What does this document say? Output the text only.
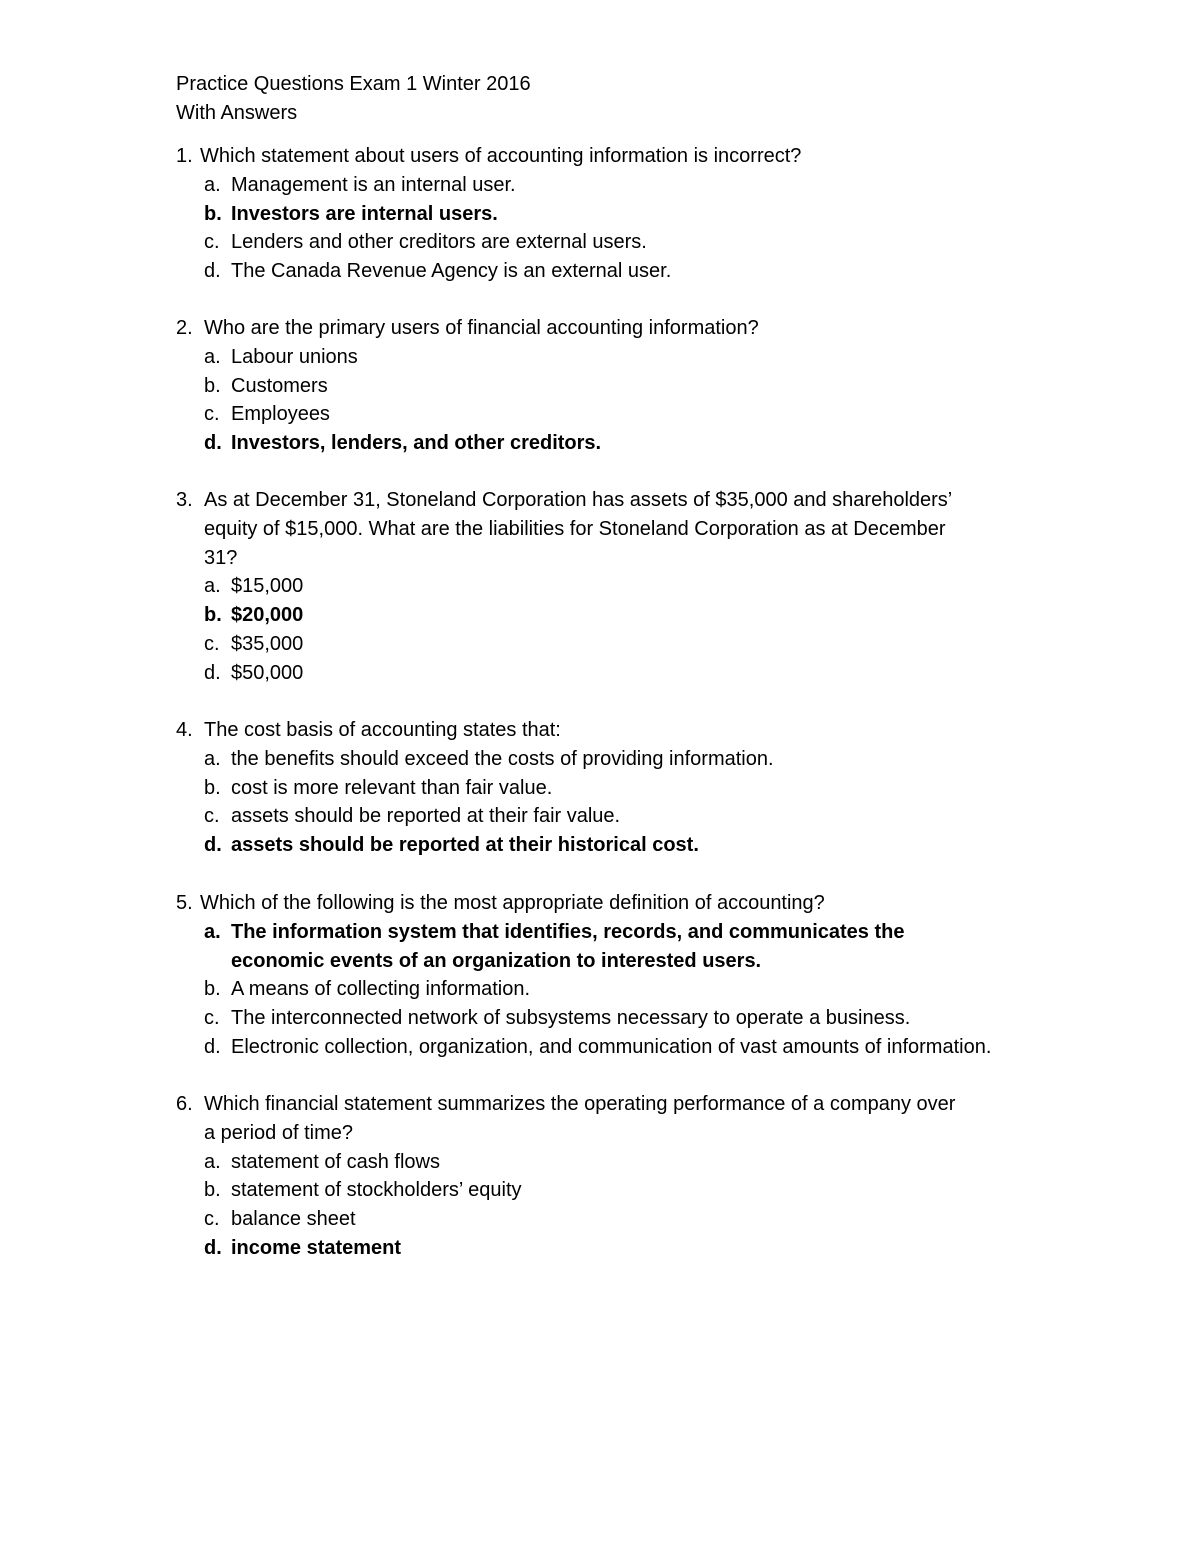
Practice Questions Exam 1 Winter 2016
With Answers
1. Which statement about users of accounting information is incorrect?
a. Management is an internal user.
b. Investors are internal users.
c. Lenders and other creditors are external users.
d. The Canada Revenue Agency is an external user.
2. Who are the primary users of financial accounting information?
a. Labour unions
b. Customers
c. Employees
d. Investors, lenders, and other creditors.
3. As at December 31, Stoneland Corporation has assets of $35,000 and shareholders’
equity of $15,000. What are the liabilities for Stoneland Corporation as at December
31?
a. $15,000
b. $20,000
c. $35,000
d. $50,000
4. The cost basis of accounting states that:
a. the benefits should exceed the costs of providing information.
b. cost is more relevant than fair value.
c. assets should be reported at their fair value.
d. assets should be reported at their historical cost.
5. Which of the following is the most appropriate definition of accounting?
a. The information system that identifies, records, and communicates the
economic events of an organization to interested users.
b. A means of collecting information.
c. The interconnected network of subsystems necessary to operate a business.
d. Electronic collection, organization, and communication of vast amounts of information.
6. Which financial statement summarizes the operating performance of a company over
a period of time?
a. statement of cash flows
b. statement of stockholders’ equity
c. balance sheet
d. income statement
